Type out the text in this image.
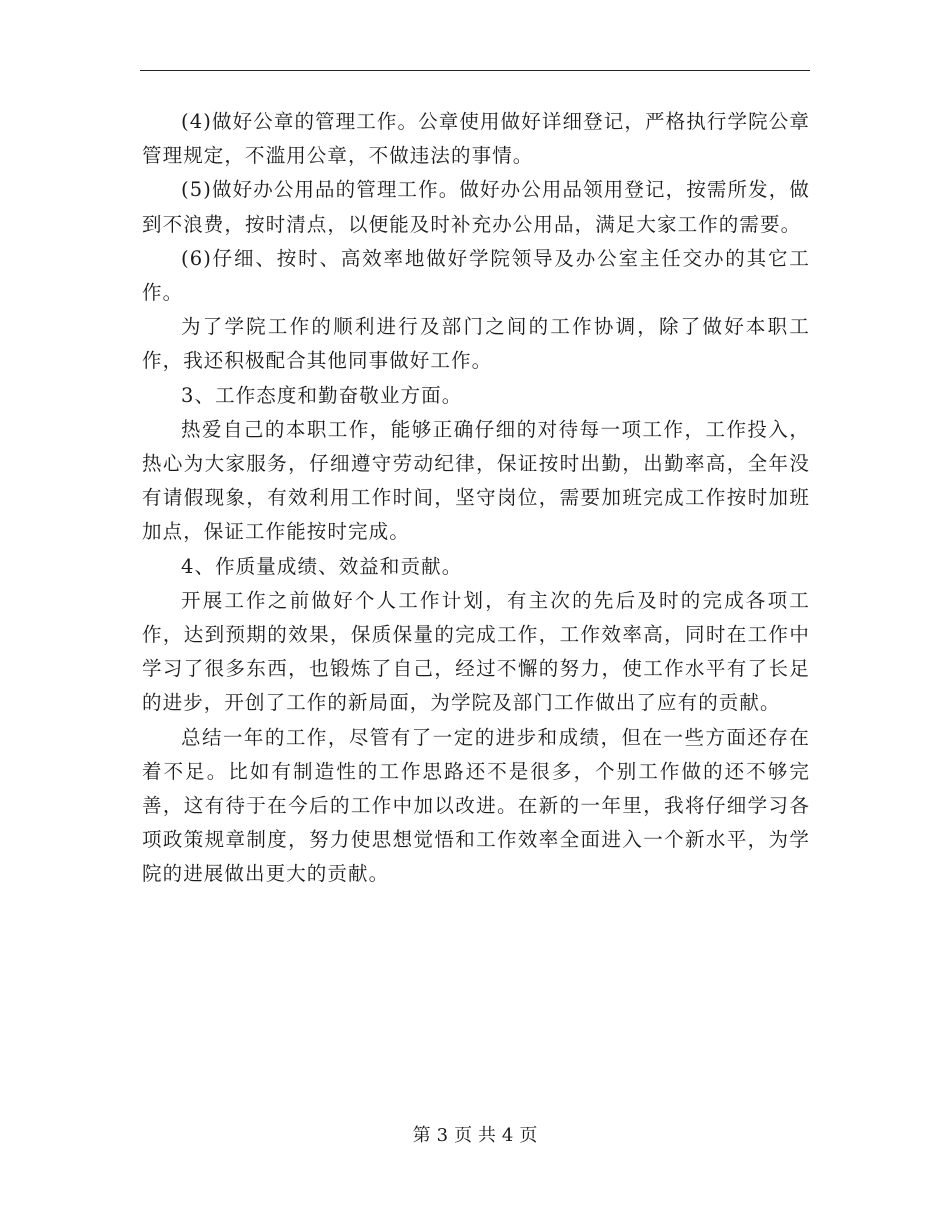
(4)做好公章的管理工作。公章使用做好详细登记，严格执行学院公章管理规定，不滥用公章，不做违法的事情。

(5)做好办公用品的管理工作。做好办公用品领用登记，按需所发，做到不浪费，按时清点，以便能及时补充办公用品，满足大家工作的需要。

(6)仔细、按时、高效率地做好学院领导及办公室主任交办的其它工作。

为了学院工作的顺利进行及部门之间的工作协调，除了做好本职工作，我还积极配合其他同事做好工作。

3、工作态度和勤奋敬业方面。

热爱自己的本职工作，能够正确仔细的对待每一项工作，工作投入，热心为大家服务，仔细遵守劳动纪律，保证按时出勤，出勤率高，全年没有请假现象，有效利用工作时间，坚守岗位，需要加班完成工作按时加班加点，保证工作能按时完成。

4、作质量成绩、效益和贡献。

开展工作之前做好个人工作计划，有主次的先后及时的完成各项工作，达到预期的效果，保质保量的完成工作，工作效率高，同时在工作中学习了很多东西，也锻炼了自己，经过不懈的努力，使工作水平有了长足的进步，开创了工作的新局面，为学院及部门工作做出了应有的贡献。

总结一年的工作，尽管有了一定的进步和成绩，但在一些方面还存在着不足。比如有制造性的工作思路还不是很多，个别工作做的还不够完善，这有待于在今后的工作中加以改进。在新的一年里，我将仔细学习各项政策规章制度，努力使思想觉悟和工作效率全面进入一个新水平，为学院的进展做出更大的贡献。

第 3 页 共 4 页
